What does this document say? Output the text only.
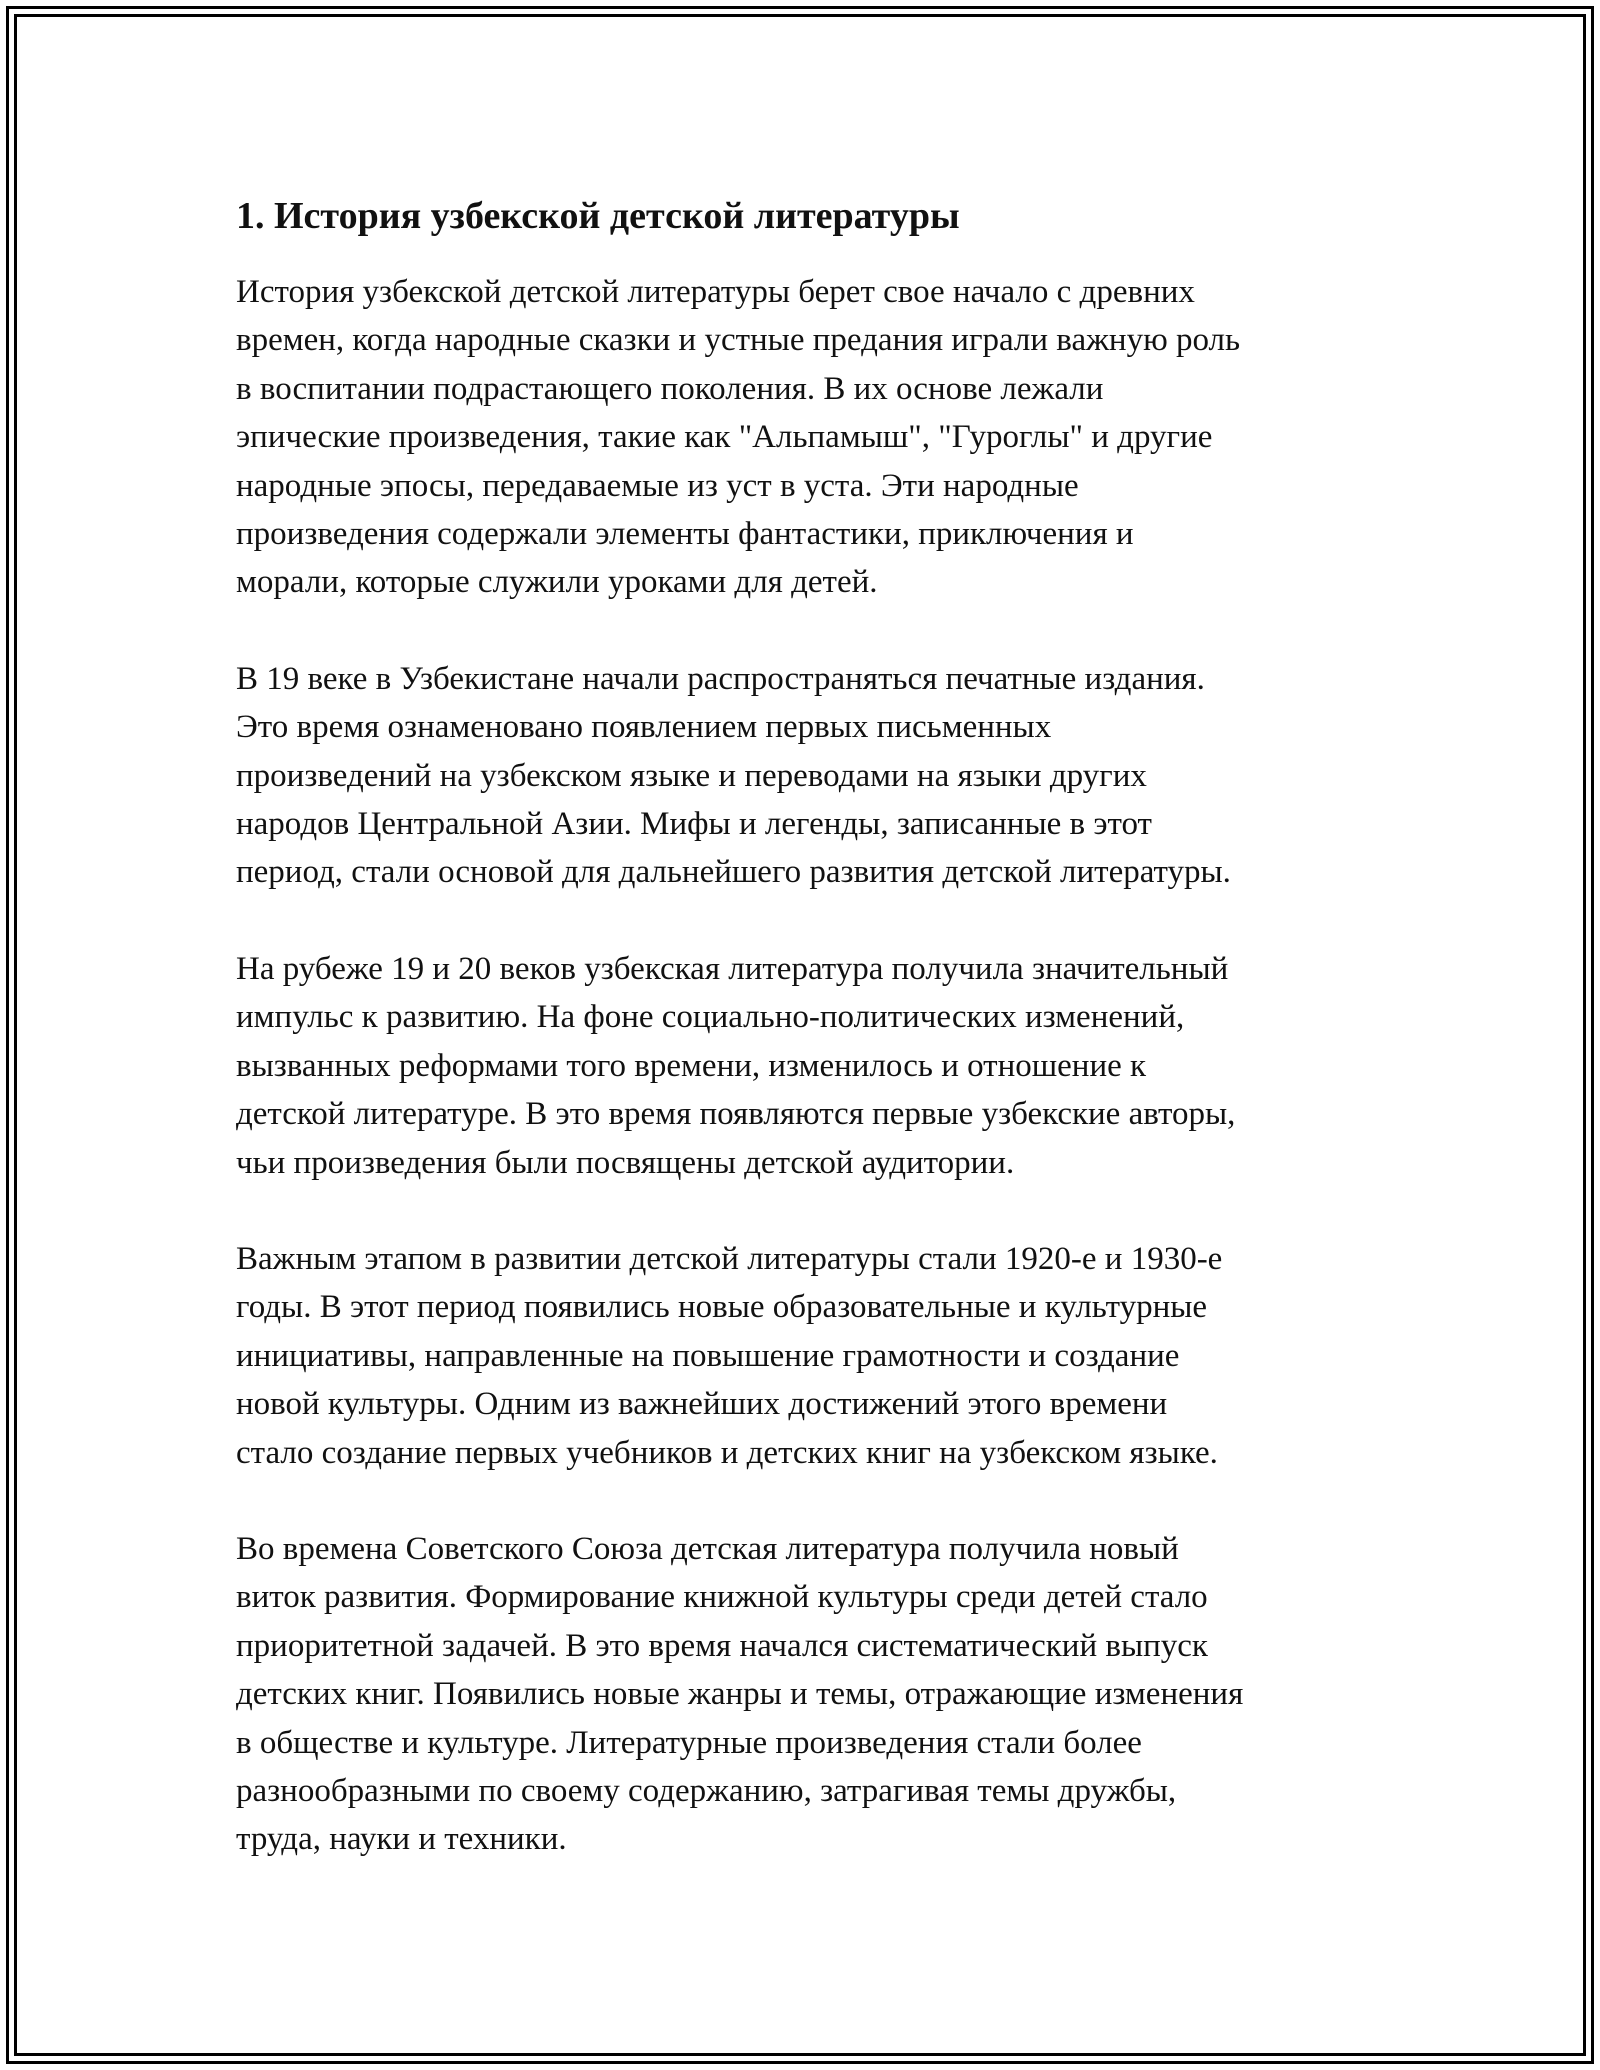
1. История узбекской детской литературы

История узбекской детской литературы берет свое начало с древних
времен, когда народные сказки и устные предания играли важную роль
в воспитании подрастающего поколения. В их основе лежали
эпические произведения, такие как "Альпамыш", "Гуроглы" и другие
народные эпосы, передаваемые из уст в уста. Эти народные
произведения содержали элементы фантастики, приключения и
морали, которые служили уроками для детей.

В 19 веке в Узбекистане начали распространяться печатные издания.
Это время ознаменовано появлением первых письменных
произведений на узбекском языке и переводами на языки других
народов Центральной Азии. Мифы и легенды, записанные в этот
период, стали основой для дальнейшего развития детской литературы.

На рубеже 19 и 20 веков узбекская литература получила значительный
импульс к развитию. На фоне социально-политических изменений,
вызванных реформами того времени, изменилось и отношение к
детской литературе. В это время появляются первые узбекские авторы,
чьи произведения были посвящены детской аудитории.

Важным этапом в развитии детской литературы стали 1920-е и 1930-е
годы. В этот период появились новые образовательные и культурные
инициативы, направленные на повышение грамотности и создание
новой культуры. Одним из важнейших достижений этого времени
стало создание первых учебников и детских книг на узбекском языке.

Во времена Советского Союза детская литература получила новый
виток развития. Формирование книжной культуры среди детей стало
приоритетной задачей. В это время начался систематический выпуск
детских книг. Появились новые жанры и темы, отражающие изменения
в обществе и культуре. Литературные произведения стали более
разнообразными по своему содержанию, затрагивая темы дружбы,
труда, науки и техники.
